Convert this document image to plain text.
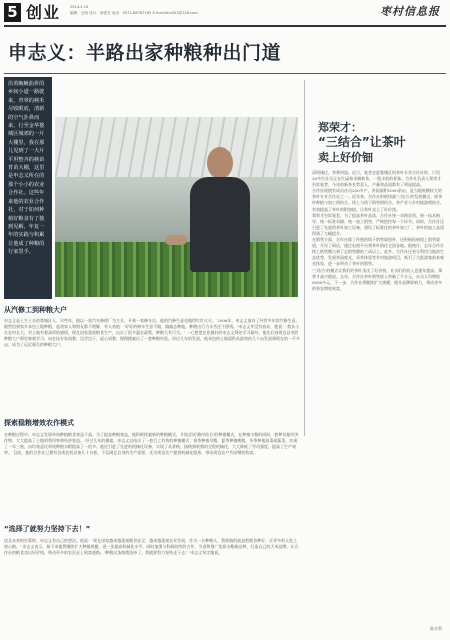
5 创业	2014.5.10
编辑：仓明 设计：徐建芳 电话：0571-86787165 E-mail:bhx001@126.com	枣村信息报
申志义：半路出家种粮种出门道

沿着蜿蜒曲折的乡间小道一路驶来，青翠的秧禾尽收眼底，清新的空气扑鼻而来，行至金华婺城区城郊的一片大棚里，我在那儿见到了一大片平坦整齐的秧苗育苗大棚，这里是申志义所在的那个小小的农业合作社。这些年来他的农业合作社，对于如何种植好粮食有了独到见解，年复一年的实践与积累让他成了种粮的行家里手。

郑荣才：
“三结合”让茶叶
卖上好价钿

清明刚过，茶香四溢。近日，笔者走进婺城区的茶叶专业合作社时，只见30多位社员正在忙碌着采摘新茶，一派丰收的景象。合作社负责人郑荣才告诉笔者，今年的新茶长势喜人，产量和品质都有了明显提高。
合作社现拥有成员社员200多户，茶园面积1000余亩，是当地规模较大的茶叶专业合作社之一。近年来，合作社积极探索'三结合'的发展模式，即茶叶种植与加工相结合、线上与线下销售相结合、茶产业与乡村旅游相结合，有效提高了茶叶的附加值，让茶叶卖上了好价钱。
郑荣才告诉笔者，为了提高茶叶品质，合作社统一采购农资、统一技术指导、统一标准采摘、统一加工销售，严格把控每一个环节。同时，合作社还引进了先进的茶叶加工设备，建设了标准化的茶叶加工厂，茶叶的加工品质得到了大幅提升。
在销售方面，合作社除了传统的线下销售渠道外，还积极拓展线上销售渠道，开设了网店，通过电商平台将茶叶销往全国各地。据统计，去年合作社线上销售额占到了总销售额的三成以上。此外，合作社还充分利用当地的生态优势，发展茶园观光、采茶体验等乡村旅游项目，吸引了大批游客前来观光体验，进一步带动了茶叶的销售。
'三结合'的模式让我们的茶叶卖出了好价钱，社员们的收入也逐年提高。郑荣才高兴地说。去年，合作社茶叶销售收入突破了千万元，社员人均增收5000多元。下一步，合作社将继续扩大规模，提升品牌影响力，带动更多的茶农增收致富。

陈水利
从汽修工到种粮大户

申志义是土生土长的婺城区人，早些年，他以一家汽车修理厂为主业，开着一家修车店，他的汽修生意也做得红红火火。 2006年，申志义放弃了经营多年的汽修生意，毅然回到家乡承包土地种粮。起初家人和朋友都不理解，有人劝他：'好好的修车生意不做，偏偏去种地，种粮这行当辛苦还不挣钱。'申志义并没有放弃，他说：'我从小在农村长大，对土地有着深厚的感情，现在国家重视粮食生产，出台了很多惠农政策，种粮大有可为。' 一心想把农业做好的申志义到处学习取经，他先后到周边县市的种粮大户那里参观学习，向农技专家请教，边学边干，虚心请教，慢慢摸索出了一套种粮经验。经过几年的发展，他承包的土地面积从最初的几十亩发展到现在的一千多亩，成为了远近闻名的种粮大户。

探索稳粮增效农作模式

在种粮过程中，申志义发现单纯种植粮食效益不高。为了提高种粮效益，他积极探索新的种植模式，开始尝试'粮经结合'的种植模式，在种植水稻的同时，套种其他经济作物，大大提高了土地的利用率和经济效益。 经过几年的摸索，申志义总结出了一套行之有效的种植模式：春季种植早稻，夏季种植晚稻，冬季种植油菜或蔬菜，实现了一年三熟，亩均效益比单纯种植水稻提高了一倍多。他还引进了先进的机械化设备，实现了从育秧、插秧到收割的全程机械化，大大降低了劳动强度，提高了生产效率。 目前，他的合作社已拥有各类农机设备几十台套，不仅满足自身的生产需要，还为周边农户提供机械化服务，带动周边农户共同增收致富。

“选择了就努力坚持下去！”

谈及未来的打算时，申志义有自己的想法。他说：'现在国家越来越重视粮食安全，越来越重视农业发展，作为一名种粮人，我要做的就是把粮食种好，让更多的人吃上放心粮。' 申志义表示，接下来他将继续扩大种植规模，进一步提高机械化水平，同时加强与科研院所的合作，引进和推广优质水稻新品种，打造自己的大米品牌，让合作社的粮食卖出好价钱，带动更多的农民走上致富道路。'种粮这条路我选择了，我就要努力坚持走下去！'申志义坚定地说。
